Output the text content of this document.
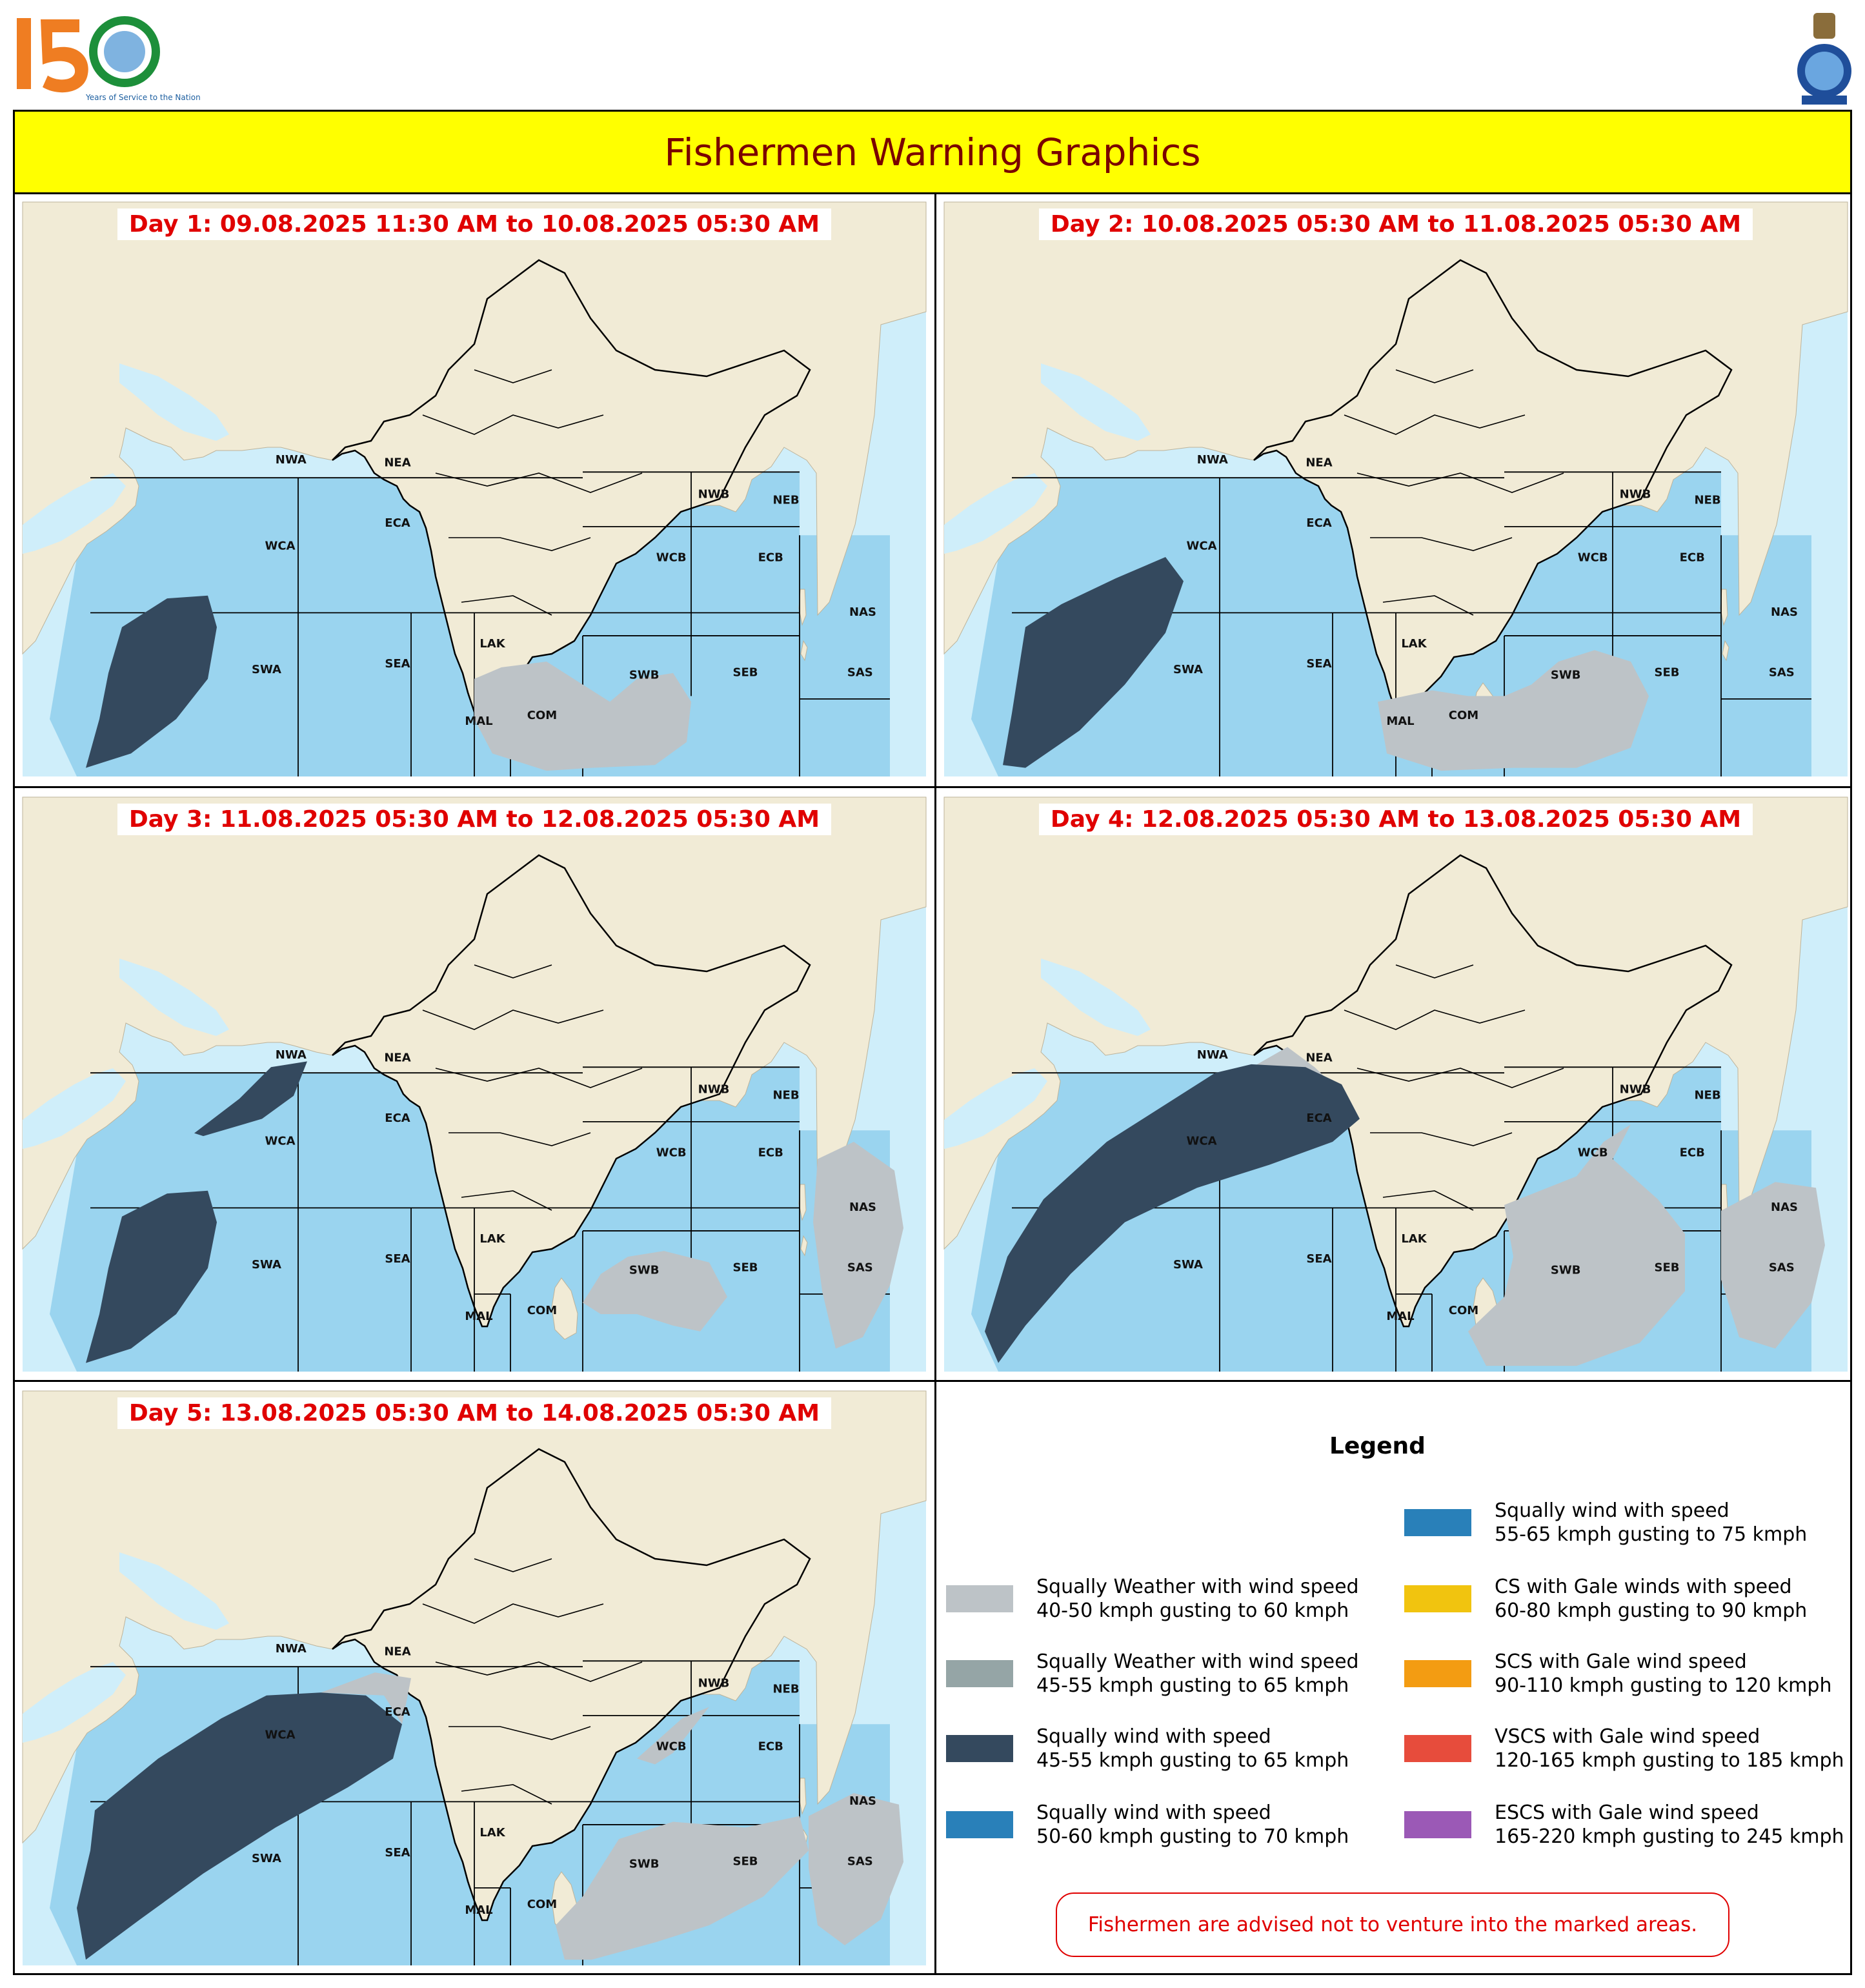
Years of Service to the Nation
Fishermen Warning Graphics
NWA	NEA
ECA
WCA
SWA	SEA
LAK
MAL	COM
SWB	SEB
WCB	ECB
NWB	NEB
NAS
SAS
Day 1: 09.08.2025 11:30 AM to 10.08.2025 05:30 AM
NWA	NEA
ECA
WCA
SWA	SEA
LAK
MAL	COM
SWB	SEB
WCB	ECB
NWB	NEB
NAS
SAS
Day 2: 10.08.2025 05:30 AM to 11.08.2025 05:30 AM
NWA	NEA
ECA
WCA
SWA	SEA
LAK
MAL	COM
SWB	SEB
WCB	ECB
NWB	NEB
NAS
SAS
Day 3: 11.08.2025 05:30 AM to 12.08.2025 05:30 AM
NWA	NEA
ECA
WCA
SWA	SEA
LAK
MAL	COM
SWB	SEB
WCB	ECB
NWB	NEB
NAS
SAS
Day 4: 12.08.2025 05:30 AM to 13.08.2025 05:30 AM
NWA	NEA
ECA
WCA
SWA	SEA
LAK
MAL	COM
SWB	SEB
WCB	ECB
NWB	NEB
NAS
SAS
Day 5: 13.08.2025 05:30 AM to 14.08.2025 05:30 AM
Legend
Squally Weather with wind speed
40-50 kmph gusting to 60 kmph
Squally Weather with wind speed
45-55 kmph gusting to 65 kmph
Squally wind with speed
45-55 kmph gusting to 65 kmph
Squally wind with speed
50-60 kmph gusting to 70 kmph
Squally wind with speed
55-65 kmph gusting to 75 kmph
CS with Gale winds with speed
60-80 kmph gusting to 90 kmph
SCS with Gale wind speed
90-110 kmph gusting to 120 kmph
VSCS with Gale wind speed
120-165 kmph gusting to 185 kmph
ESCS with Gale wind speed
165-220 kmph gusting to 245 kmph
Fishermen are advised not to venture into the marked areas.
